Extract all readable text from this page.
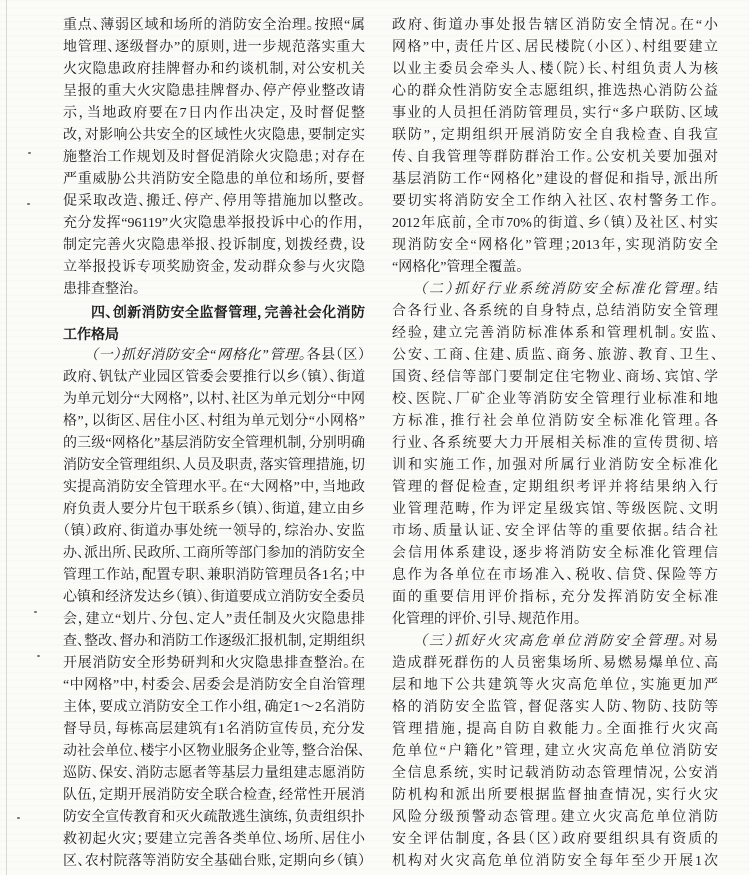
重点、薄弱区域和场所的消防安全治理。按照“属
地管理、逐级督办”的原则，进一步规范落实重大
火灾隐患政府挂牌督办和约谈机制，对公安机关
呈报的重大火灾隐患挂牌督办、停产停业整改请
示，当地政府要在7日内作出决定，及时督促整
改，对影响公共安全的区域性火灾隐患，要制定实
施整治工作规划及时督促消除火灾隐患；对存在
严重威胁公共消防安全隐患的单位和场所，要督
促采取改造、搬迁、停产、停用等措施加以整改。
充分发挥“96119”火灾隐患举报投诉中心的作用，
制定完善火灾隐患举报、投诉制度，划拨经费，设
立举报投诉专项奖励资金，发动群众参与火灾隐
患排查整治。
四、创新消防安全监督管理，完善社会化消防
工作格局
（一）抓好消防安全“网格化”管理。各县（区）
政府、钒钛产业园区管委会要推行以乡（镇）、街道
为单元划分“大网格”，以村、社区为单元划分“中网
格”，以街区、居住小区、村组为单元划分“小网格”
的三级“网格化”基层消防安全管理机制，分别明确
消防安全管理组织、人员及职责，落实管理措施，切
实提高消防安全管理水平。在“大网格”中，当地政
府负责人要分片包干联系乡（镇）、街道，建立由乡
（镇）政府、街道办事处统一领导的，综治办、安监
办、派出所、民政所、工商所等部门参加的消防安全
管理工作站，配置专职、兼职消防管理员各1名；中
心镇和经济发达乡（镇）、街道要成立消防安全委员
会，建立“划片、分包、定人”责任制及火灾隐患排
查、整改、督办和消防工作逐级汇报机制，定期组织
开展消防安全形势研判和火灾隐患排查整治。在
“中网格”中，村委会、居委会是消防安全自治管理
主体，要成立消防安全工作小组，确定1～2名消防
督导员，每栋高层建筑有1名消防宣传员，充分发
动社会单位、楼宇小区物业服务企业等，整合治保、
巡防、保安、消防志愿者等基层力量组建志愿消防
队伍，定期开展消防安全联合检查，经常性开展消
防安全宣传教育和灭火疏散逃生演练，负责组织扑
救初起火灾；要建立完善各类单位、场所、居住小
区、农村院落等消防安全基础台账，定期向乡（镇）
政府、街道办事处报告辖区消防安全情况。在“小
网格”中，责任片区、居民楼院（小区）、村组要建立
以业主委员会牵头人、楼（院）长、村组负责人为核
心的群众性消防安全志愿组织，推选热心消防公益
事业的人员担任消防管理员，实行“多户联防、区域
联防”，定期组织开展消防安全自我检查、自我宣
传、自我管理等群防群治工作。公安机关要加强对
基层消防工作“网格化”建设的督促和指导，派出所
要切实将消防安全工作纳入社区、农村警务工作。
2012年底前，全市70%的街道、乡（镇）及社区、村实
现消防安全“网格化”管理；2013年，实现消防安全
“网格化”管理全覆盖。
（二）抓好行业系统消防安全标准化管理。结
合各行业、各系统的自身特点，总结消防安全管理
经验，建立完善消防标准体系和管理机制。安监、
公安、工商、住建、质监、商务、旅游、教育、卫生、
国资、经信等部门要制定住宅物业、商场、宾馆、学
校、医院、厂矿企业等消防安全管理行业标准和地
方标准，推行社会单位消防安全标准化管理。各
行业、各系统要大力开展相关标准的宣传贯彻、培
训和实施工作，加强对所属行业消防安全标准化
管理的督促检查，定期组织考评并将结果纳入行
业管理范畴，作为评定星级宾馆、等级医院、文明
市场、质量认证、安全评估等的重要依据。结合社
会信用体系建设，逐步将消防安全标准化管理信
息作为各单位在市场准入、税收、信贷、保险等方
面的重要信用评价指标，充分发挥消防安全标准
化管理的评价、引导、规范作用。
（三）抓好火灾高危单位消防安全管理。对易
造成群死群伤的人员密集场所、易燃易爆单位、高
层和地下公共建筑等火灾高危单位，实施更加严
格的消防安全监管，督促落实人防、物防、技防等
管理措施，提高自防自救能力。全面推行火灾高
危单位“户籍化”管理，建立火灾高危单位消防安
全信息系统，实时记载消防动态管理情况，公安消
防机构和派出所要根据监督抽查情况，实行火灾
风险分级预警动态管理。建立火灾高危单位消防
安全评估制度，各县（区）政府要组织具有资质的
机构对火灾高危单位消防安全每年至少开展1次
